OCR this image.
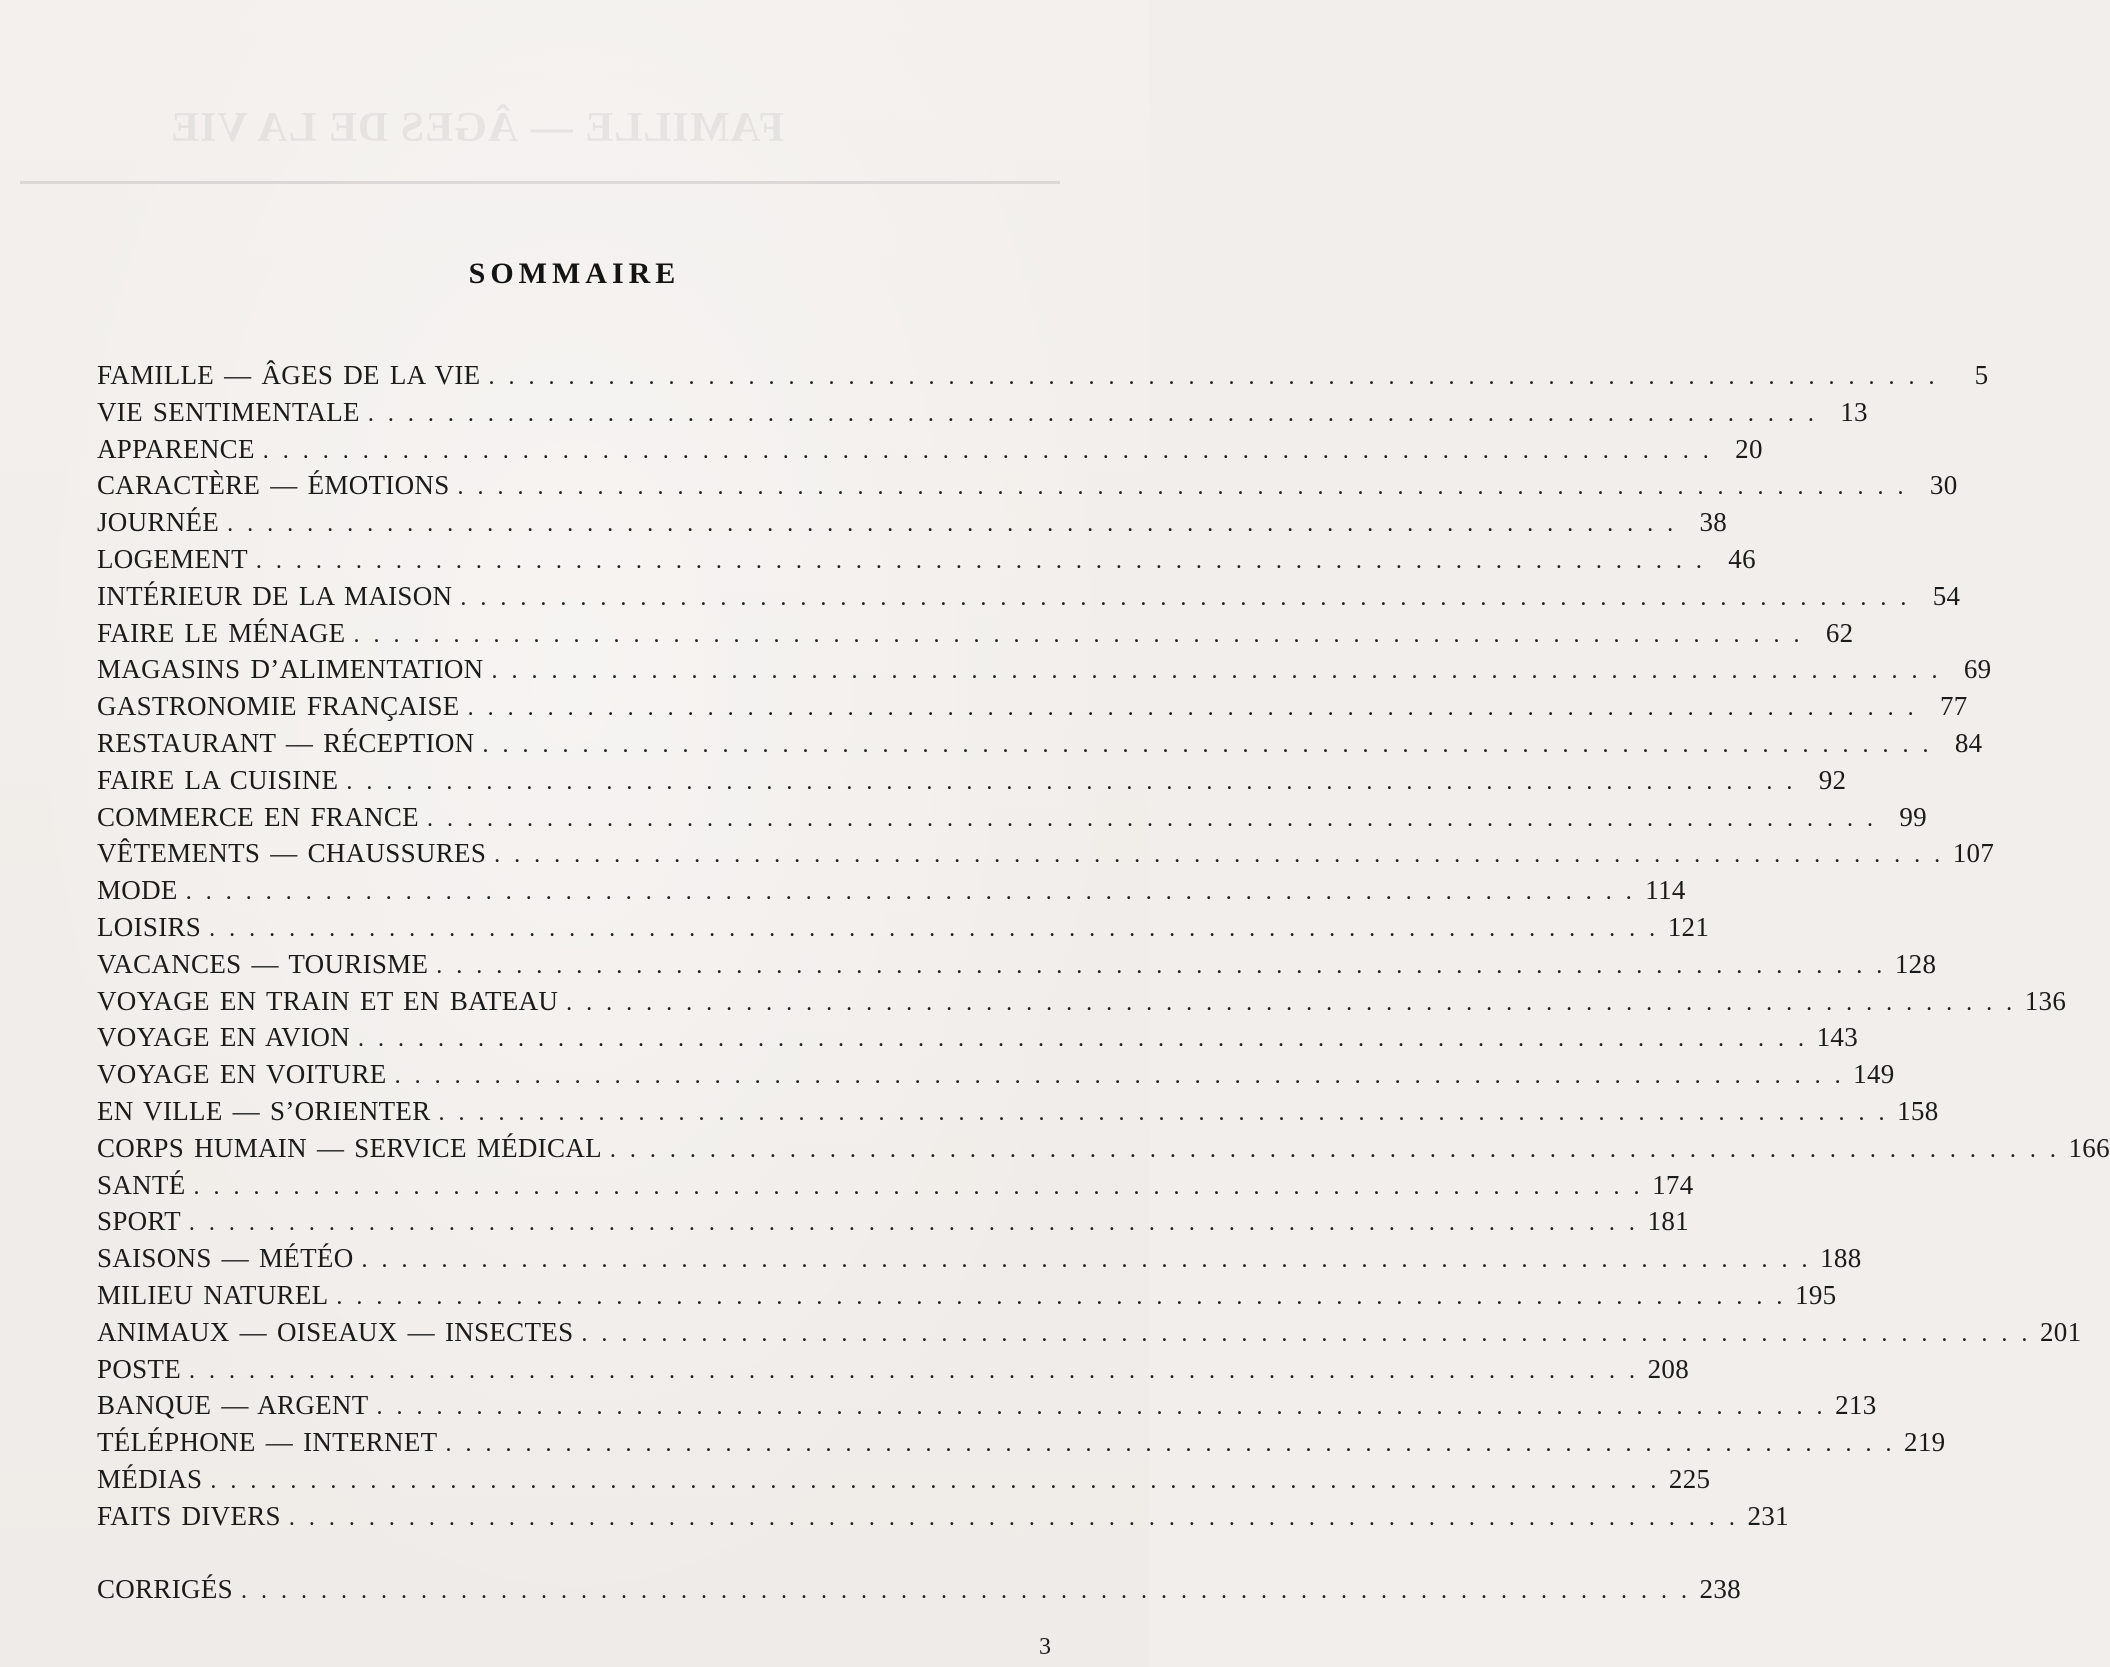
FAMILLE — ÂGES DE LA VIE
SOMMAIRE
FAMILLE — ÂGES DE LA VIE . . . . . . . . . . . . . . . . . . . . . . . . . . . . . . . . . . . . . . . . . . . . . . . . . . . . . . . . . . . . . . . . . . . . . . . . .	5
VIE SENTIMENTALE . . . . . . . . . . . . . . . . . . . . . . . . . . . . . . . . . . . . . . . . . . . . . . . . . . . . . . . . . . . . . . . . . . . . . . . . . 13
APPARENCE . . . . . . . . . . . . . . . . . . . . . . . . . . . . . . . . . . . . . . . . . . . . . . . . . . . . . . . . . . . . . . . . . . . . . . . . . 20
CARACTÈRE — ÉMOTIONS . . . . . . . . . . . . . . . . . . . . . . . . . . . . . . . . . . . . . . . . . . . . . . . . . . . . . . . . . . . . . . . . . . . . . . . . . 30
JOURNÉE . . . . . . . . . . . . . . . . . . . . . . . . . . . . . . . . . . . . . . . . . . . . . . . . . . . . . . . . . . . . . . . . . . . . . . . . . 38
LOGEMENT . . . . . . . . . . . . . . . . . . . . . . . . . . . . . . . . . . . . . . . . . . . . . . . . . . . . . . . . . . . . . . . . . . . . . . . . . 46
INTÉRIEUR DE LA MAISON . . . . . . . . . . . . . . . . . . . . . . . . . . . . . . . . . . . . . . . . . . . . . . . . . . . . . . . . . . . . . . . . . . . . . . . . . 54
FAIRE LE MÉNAGE . . . . . . . . . . . . . . . . . . . . . . . . . . . . . . . . . . . . . . . . . . . . . . . . . . . . . . . . . . . . . . . . . . . . . . . . . 62
MAGASINS D’ALIMENTATION . . . . . . . . . . . . . . . . . . . . . . . . . . . . . . . . . . . . . . . . . . . . . . . . . . . . . . . . . . . . . . . . . . . . . . . . . 69
GASTRONOMIE FRANÇAISE . . . . . . . . . . . . . . . . . . . . . . . . . . . . . . . . . . . . . . . . . . . . . . . . . . . . . . . . . . . . . . . . . . . . . . . . . 77
RESTAURANT — RÉCEPTION . . . . . . . . . . . . . . . . . . . . . . . . . . . . . . . . . . . . . . . . . . . . . . . . . . . . . . . . . . . . . . . . . . . . . . . . . 84
FAIRE LA CUISINE . . . . . . . . . . . . . . . . . . . . . . . . . . . . . . . . . . . . . . . . . . . . . . . . . . . . . . . . . . . . . . . . . . . . . . . . . 92
COMMERCE EN FRANCE . . . . . . . . . . . . . . . . . . . . . . . . . . . . . . . . . . . . . . . . . . . . . . . . . . . . . . . . . . . . . . . . . . . . . . . . . 99
VÊTEMENTS — CHAUSSURES . . . . . . . . . . . . . . . . . . . . . . . . . . . . . . . . . . . . . . . . . . . . . . . . . . . . . . . . . . . . . . . . . . . . . . . . . 107
MODE . . . . . . . . . . . . . . . . . . . . . . . . . . . . . . . . . . . . . . . . . . . . . . . . . . . . . . . . . . . . . . . . . . . . . . . . . 114
LOISIRS . . . . . . . . . . . . . . . . . . . . . . . . . . . . . . . . . . . . . . . . . . . . . . . . . . . . . . . . . . . . . . . . . . . . . . . . . 121
VACANCES — TOURISME . . . . . . . . . . . . . . . . . . . . . . . . . . . . . . . . . . . . . . . . . . . . . . . . . . . . . . . . . . . . . . . . . . . . . . . . . 128
VOYAGE EN TRAIN ET EN BATEAU . . . . . . . . . . . . . . . . . . . . . . . . . . . . . . . . . . . . . . . . . . . . . . . . . . . . . . . . . . . . . . . . . . . . . . . . . 136
VOYAGE EN AVION . . . . . . . . . . . . . . . . . . . . . . . . . . . . . . . . . . . . . . . . . . . . . . . . . . . . . . . . . . . . . . . . . . . . . . . . . 143
VOYAGE EN VOITURE . . . . . . . . . . . . . . . . . . . . . . . . . . . . . . . . . . . . . . . . . . . . . . . . . . . . . . . . . . . . . . . . . . . . . . . . . 149
EN VILLE — S’ORIENTER . . . . . . . . . . . . . . . . . . . . . . . . . . . . . . . . . . . . . . . . . . . . . . . . . . . . . . . . . . . . . . . . . . . . . . . . . 158
CORPS HUMAIN — SERVICE MÉDICAL . . . . . . . . . . . . . . . . . . . . . . . . . . . . . . . . . . . . . . . . . . . . . . . . . . . . . . . . . . . . . . . . . . . . . . . . . 166
SANTÉ . . . . . . . . . . . . . . . . . . . . . . . . . . . . . . . . . . . . . . . . . . . . . . . . . . . . . . . . . . . . . . . . . . . . . . . . . 174
SPORT . . . . . . . . . . . . . . . . . . . . . . . . . . . . . . . . . . . . . . . . . . . . . . . . . . . . . . . . . . . . . . . . . . . . . . . . . 181
SAISONS — MÉTÉO . . . . . . . . . . . . . . . . . . . . . . . . . . . . . . . . . . . . . . . . . . . . . . . . . . . . . . . . . . . . . . . . . . . . . . . . . 188
MILIEU NATUREL . . . . . . . . . . . . . . . . . . . . . . . . . . . . . . . . . . . . . . . . . . . . . . . . . . . . . . . . . . . . . . . . . . . . . . . . . 195
ANIMAUX — OISEAUX — INSECTES . . . . . . . . . . . . . . . . . . . . . . . . . . . . . . . . . . . . . . . . . . . . . . . . . . . . . . . . . . . . . . . . . . . . . . . . . 201
POSTE . . . . . . . . . . . . . . . . . . . . . . . . . . . . . . . . . . . . . . . . . . . . . . . . . . . . . . . . . . . . . . . . . . . . . . . . . 208
BANQUE — ARGENT . . . . . . . . . . . . . . . . . . . . . . . . . . . . . . . . . . . . . . . . . . . . . . . . . . . . . . . . . . . . . . . . . . . . . . . . . 213
TÉLÉPHONE — INTERNET . . . . . . . . . . . . . . . . . . . . . . . . . . . . . . . . . . . . . . . . . . . . . . . . . . . . . . . . . . . . . . . . . . . . . . . . . 219
MÉDIAS . . . . . . . . . . . . . . . . . . . . . . . . . . . . . . . . . . . . . . . . . . . . . . . . . . . . . . . . . . . . . . . . . . . . . . . . . 225
FAITS DIVERS . . . . . . . . . . . . . . . . . . . . . . . . . . . . . . . . . . . . . . . . . . . . . . . . . . . . . . . . . . . . . . . . . . . . . . . . . 231
CORRIGÉS . . . . . . . . . . . . . . . . . . . . . . . . . . . . . . . . . . . . . . . . . . . . . . . . . . . . . . . . . . . . . . . . . . . . . . . . . 238
3
